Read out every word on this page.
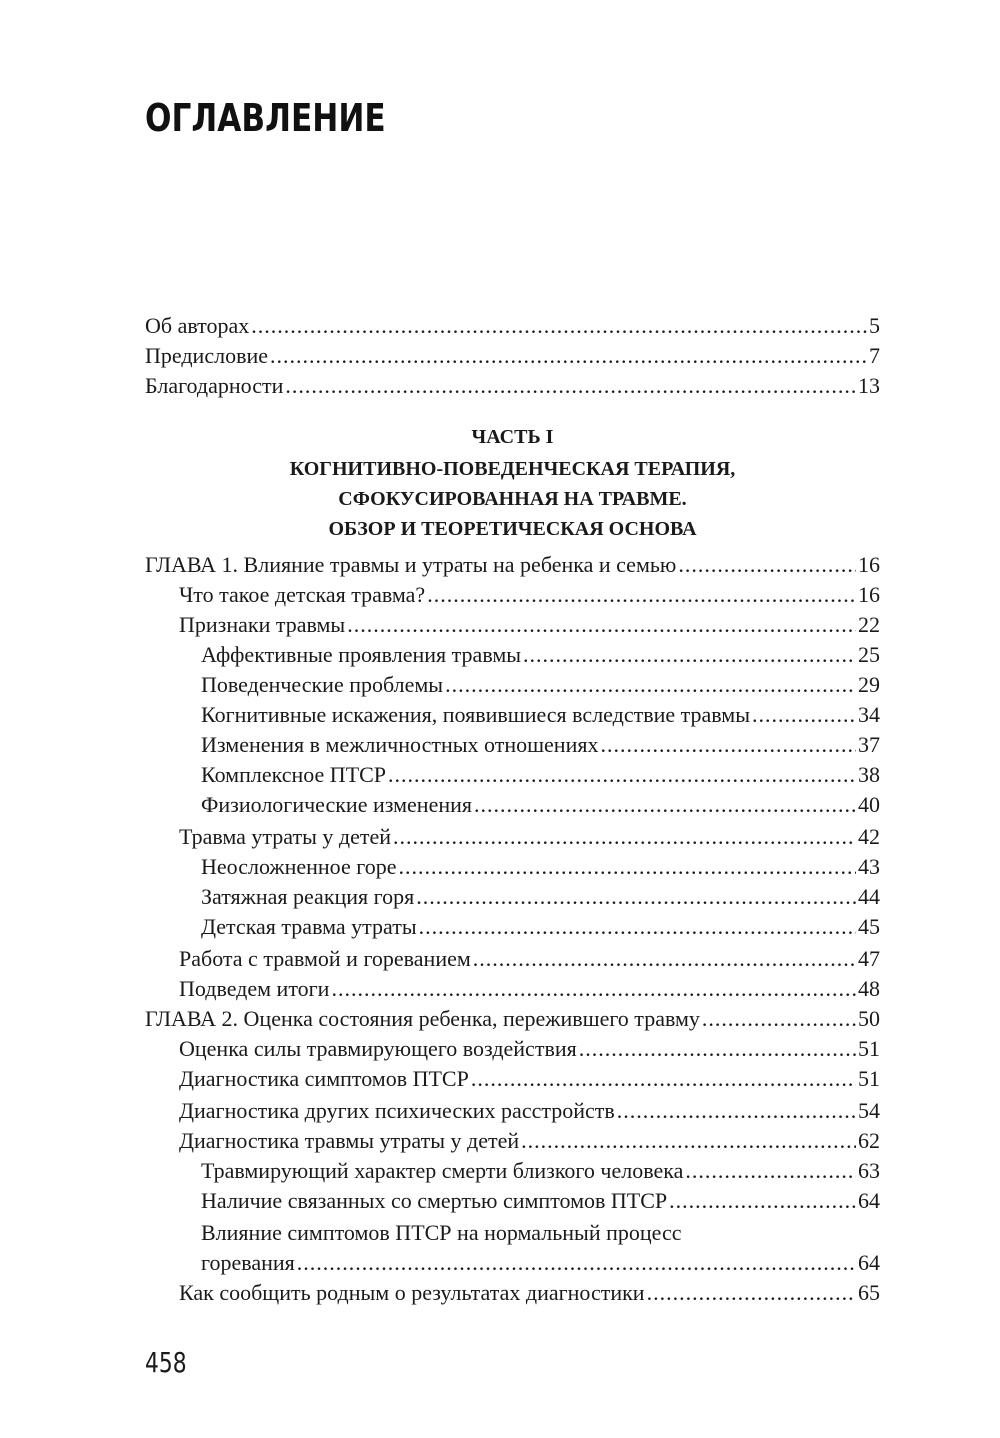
ОГЛАВЛЕНИЕ
Об авторах .....	5
Предисловие .....	7
Благодарности .....	13
ЧАСТЬ I
КОГНИТИВНО-ПОВЕДЕНЧЕСКАЯ ТЕРАПИЯ,
СФОКУСИРОВАННАЯ НА ТРАВМЕ.
ОБЗОР И ТЕОРЕТИЧЕСКАЯ ОСНОВА
ГЛАВА 1. Влияние травмы и утраты на ребенка и семью .....	16
Что такое детская травма? .....	16
Признаки травмы .....	22
Аффективные проявления травмы .....	25
Поведенческие проблемы .....	29
Когнитивные искажения, появившиеся вследствие травмы .....	34
Изменения в межличностных отношениях .....	37
Комплексное ПТСР .....	38
Физиологические изменения .....	40
Травма утраты у детей .....	42
Неосложненное горе .....	43
Затяжная реакция горя .....	44
Детская травма утраты .....	45
Работа с травмой и гореванием .....	47
Подведем итоги .....	48
ГЛАВА 2. Оценка состояния ребенка, пережившего травму .....	50
Оценка силы травмирующего воздействия .....	51
Диагностика симптомов ПТСР .....	51
Диагностика других психических расстройств .....	54
Диагностика травмы утраты у детей .....	62
Травмирующий характер смерти близкого человека .....	63
Наличие связанных со смертью симптомов ПТСР .....	64
Влияние симптомов ПТСР на нормальный процесс
горевания .....	64
Как сообщить родным о результатах диагностики .....	65
458
